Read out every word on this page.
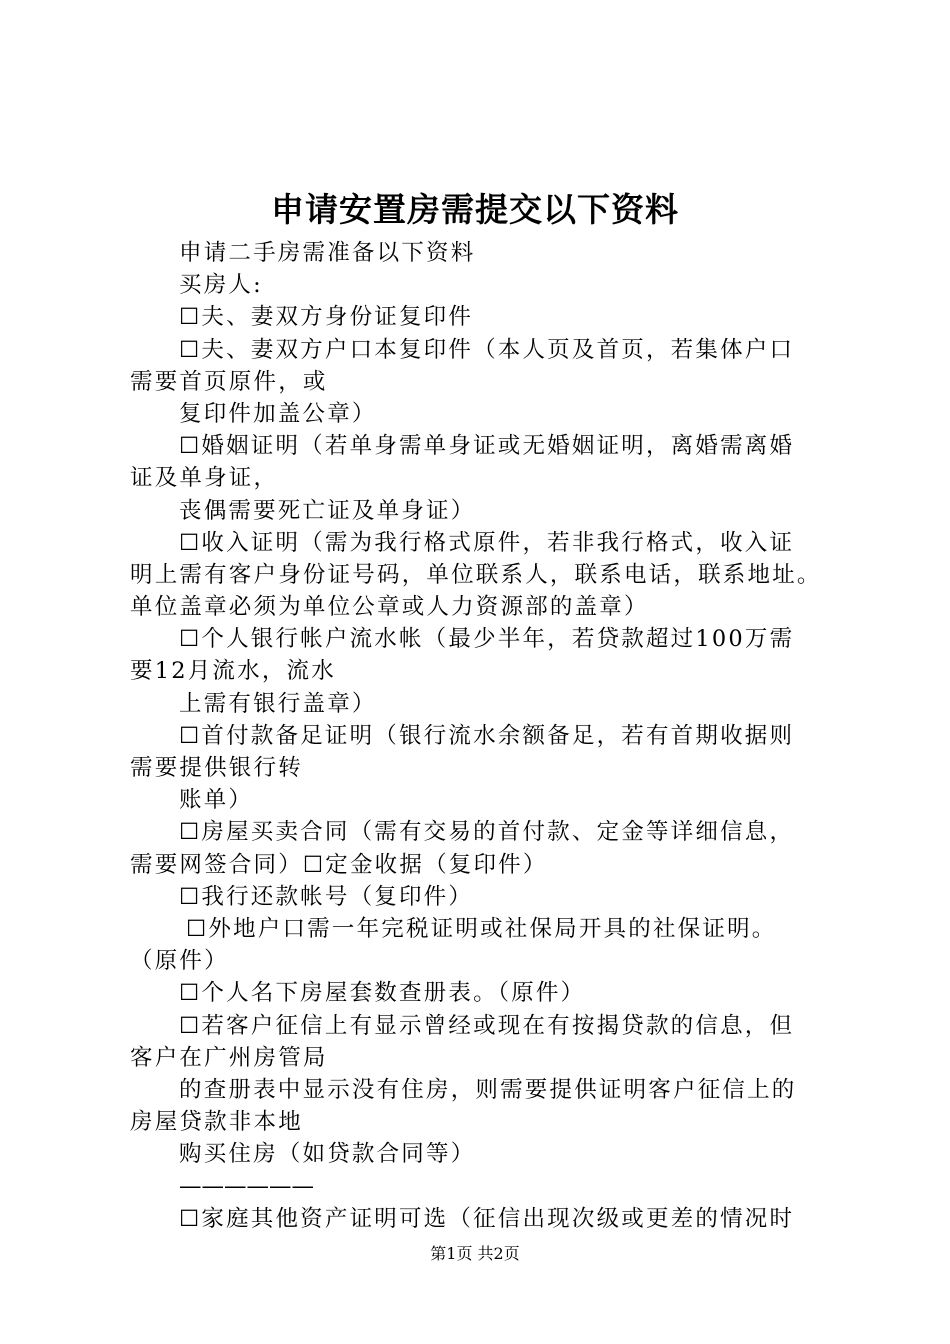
申请安置房需提交以下资料
申请二手房需准备以下资料
买房人:
☐夫、妻双方身份证复印件
☐夫、妻双方户口本复印件（本人页及首页，若集体户口
需要首页原件，或
复印件加盖公章）
☐婚姻证明（若单身需单身证或无婚姻证明，离婚需离婚
证及单身证，
丧偶需要死亡证及单身证）
☐收入证明（需为我行格式原件，若非我行格式，收入证
明上需有客户身份证号码，单位联系人，联系电话，联系地址。
单位盖章必须为单位公章或人力资源部的盖章）
☐个人银行帐户流水帐（最少半年，若贷款超过100万需
要12月流水，流水
上需有银行盖章）
☐首付款备足证明（银行流水余额备足，若有首期收据则
需要提供银行转
账单）
☐房屋买卖合同（需有交易的首付款、定金等详细信息，
需要网签合同）☐定金收据（复印件）
☐我行还款帐号（复印件）
☐外地户口需一年完税证明或社保局开具的社保证明。
（原件）
☐个人名下房屋套数查册表。（原件）
☐若客户征信上有显示曾经或现在有按揭贷款的信息，但
客户在广州房管局
的查册表中显示没有住房，则需要提供证明客户征信上的
房屋贷款非本地
购买住房（如贷款合同等）
——————
☐家庭其他资产证明可选（征信出现次级或更差的情况时
第1页 共2页
